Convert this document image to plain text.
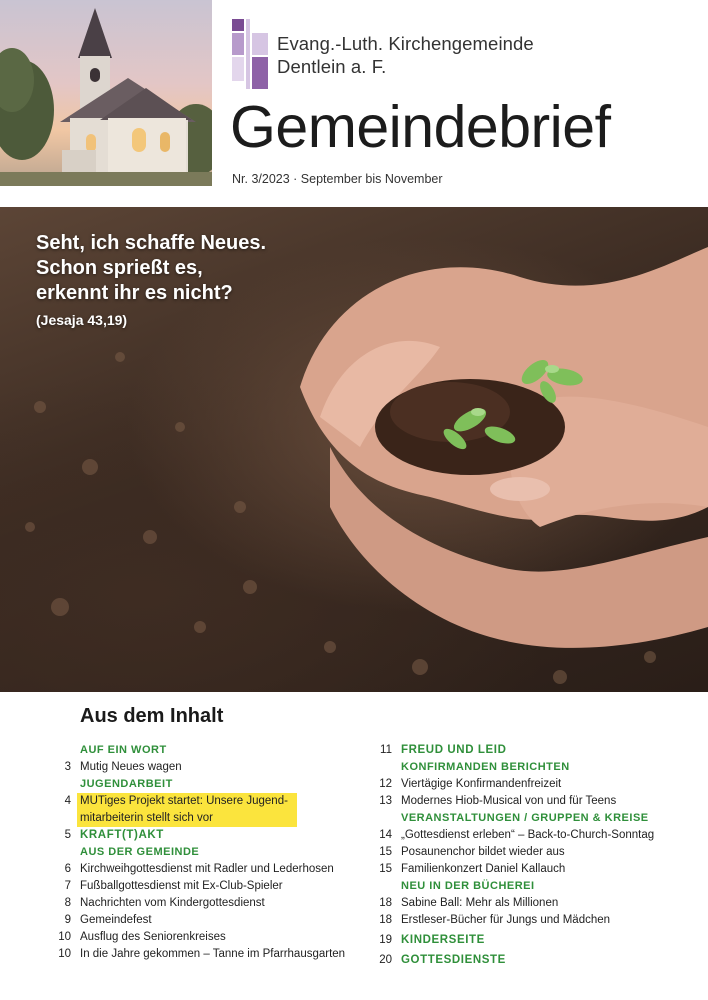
Evang.-Luth. Kirchengemeinde
Dentlein a. F.
Gemeindebrief
Nr. 3/2023 · September bis November
Seht, ich schaffe Neues.
Schon sprießt es,
erkennt ihr es nicht?
(Jesaja 43,19)
Aus dem Inhalt
AUF EIN WORT
3 Mutig Neues wagen
JUGENDARBEIT
4 MUTiges Projekt startet: Unsere Jugend-mitarbeiterin stellt sich vor
5 KRAFT(T)AKT
AUS DER GEMEINDE
6 Kirchweihgottesdienst mit Radler und Lederhosen
7 Fußballgottesdienst mit Ex-Club-Spieler
8 Nachrichten vom Kindergottesdienst
9 Gemeindefest
10 Ausflug des Seniorenkreises
10 In die Jahre gekommen – Tanne im Pfarrhausgarten
11 FREUD UND LEID
KONFIRMANDEN BERICHTEN
12 Viertägige Konfirmandenfreizeit
13 Modernes Hiob-Musical von und für Teens
VERANSTALTUNGEN / GRUPPEN & KREISE
14 „Gottesdienst erleben“ – Back-to-Church-Sonntag
15 Posaunenchor bildet wieder aus
15 Familienkonzert Daniel Kallauch
NEU IN DER BÜCHEREI
18 Sabine Ball: Mehr als Millionen
18 Erstleser-Bücher für Jungs und Mädchen
19 KINDERSEITE
20 GOTTESDIENSTE
